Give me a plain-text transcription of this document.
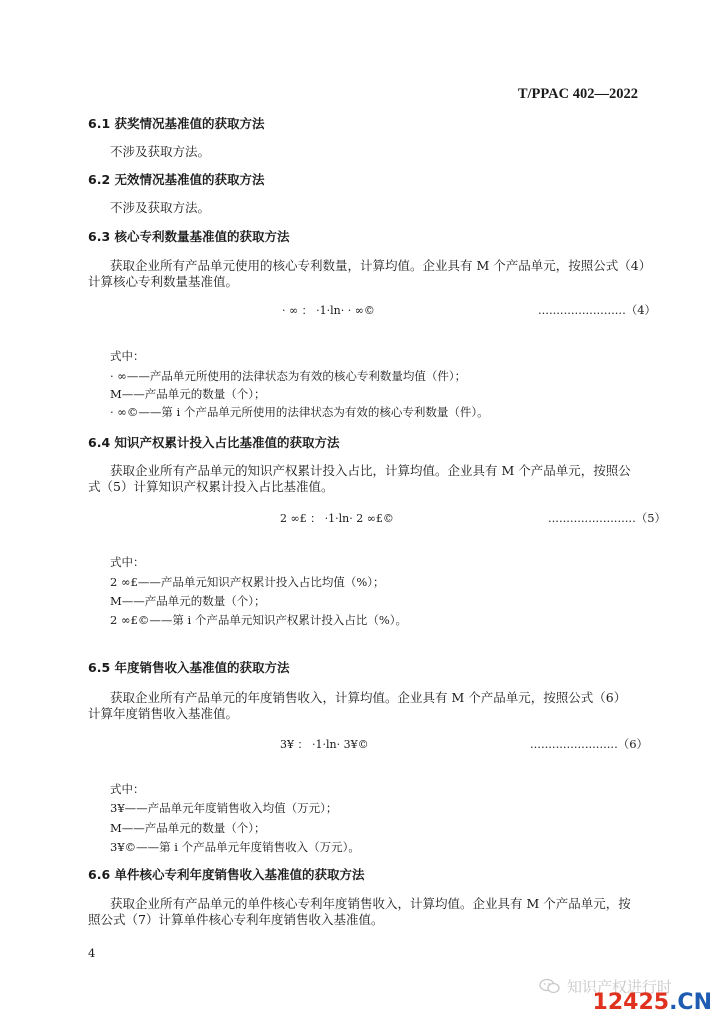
T/PPAC 402—2022
6.1 获奖情况基准值的获取方法
不涉及获取方法。
6.2 无效情况基准值的获取方法
不涉及获取方法。
6.3 核心专利数量基准值的获取方法
获取企业所有产品单元使用的核心专利数量，计算均值。企业具有 M 个产品单元，按照公式（4）
计算核心专利数量基准值。
· ∞ ： ·1·ln· · ∞©	........................（4）
式中：
· ∞——产品单元所使用的法律状态为有效的核心专利数量均值（件）；
M——产品单元的数量（个）；
· ∞©——第 i 个产品单元所使用的法律状态为有效的核心专利数量（件）。
6.4 知识产权累计投入占比基准值的获取方法
获取企业所有产品单元的知识产权累计投入占比，计算均值。企业具有 M 个产品单元，按照公
式（5）计算知识产权累计投入占比基准值。
2 ∞£ ： ·1·ln· 2 ∞£©	........................（5）
式中：
2 ∞£——产品单元知识产权累计投入占比均值（%）；
M——产品单元的数量（个）；
2 ∞£©——第 i 个产品单元知识产权累计投入占比（%）。
6.5 年度销售收入基准值的获取方法
获取企业所有产品单元的年度销售收入，计算均值。企业具有 M 个产品单元，按照公式（6）
计算年度销售收入基准值。
3¥ ： ·1·ln· 3¥©	........................（6）
式中：
3¥——产品单元年度销售收入均值（万元）；
M——产品单元的数量（个）；
3¥©——第 i 个产品单元年度销售收入（万元）。
6.6 单件核心专利年度销售收入基准值的获取方法
获取企业所有产品单元的单件核心专利年度销售收入，计算均值。企业具有 M 个产品单元，按
照公式（7）计算单件核心专利年度销售收入基准值。
4
知识产权进行时
12425.CN
